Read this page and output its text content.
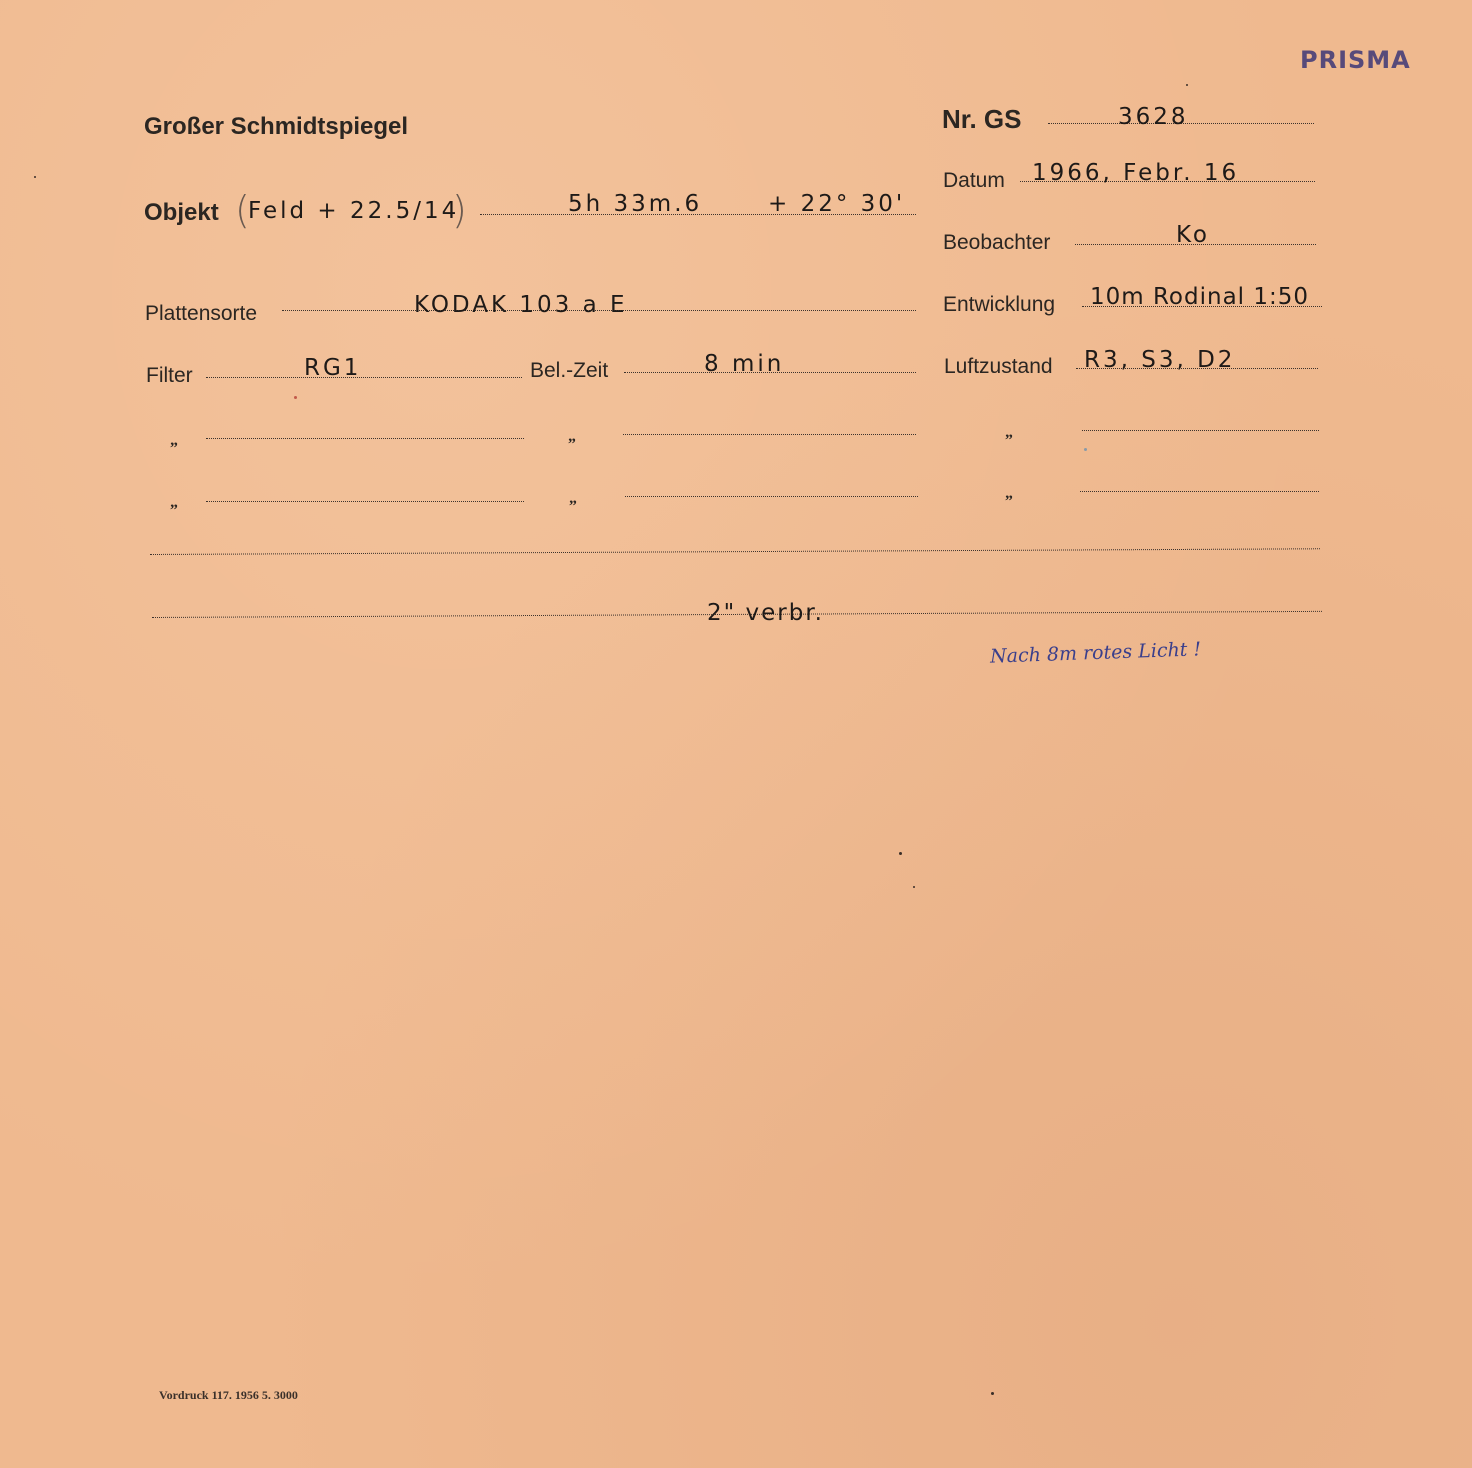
PRISMA
Großer Schmidtspiegel	Nr. GS	3628
Datum 1966, Febr. 16
Objekt (
Feld + 22.5/14
)	5h 33m.6	+ 22° 30'
Beobachter	Ko
Plattensorte	KODAK 103 a E	Entwicklung 10m Rodinal 1:50
Filter	RG1	Bel.-Zeit	8 min	Luftzustand R3, S3, D2
„	„	„
„	„	„
2" verbr.
Nach 8m rotes Licht !
Vordruck 117. 1956 5. 3000
